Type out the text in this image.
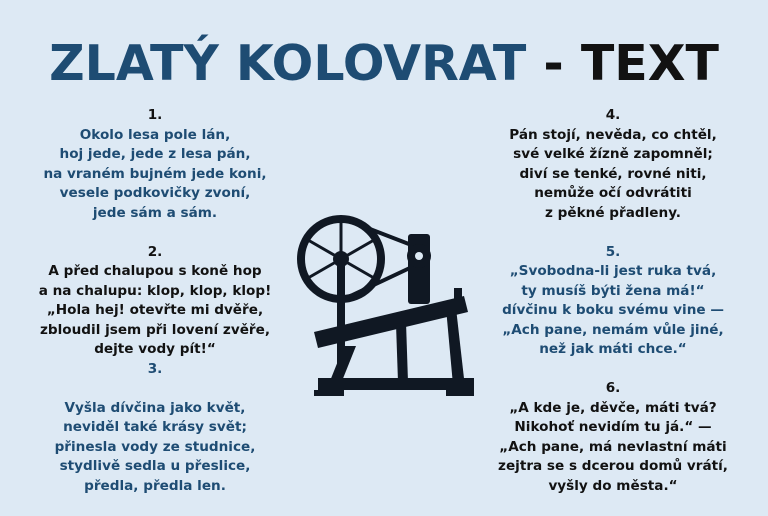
ZLATÝ KOLOVRAT - TEXT
1.
Okolo lesa pole lán,
hoj jede, jede z lesa pán,
na vraném bujném jede koni,
vesele podkovičky zvoní,
jede sám a sám.
2.
A před chalupou s koně hop
a na chalupu: klop, klop, klop!
„Hola hej! otevřte mi dvěře,
zbloudil jsem při lovení zvěře,
dejte vody pít!“
3.
Vyšla dívčina jako květ,
neviděl také krásy svět;
přinesla vody ze studnice,
stydlivě sedla u přeslice,
předla, předla len.
4.
Pán stojí, nevěda, co chtěl,
své velké žízně zapomněl;
diví se tenké, rovné niti,
nemůže očí odvrátiti
z pěkné přadleny.
5.
„Svobodna-li jest ruka tvá,
ty musíš býti žena má!“
dívčinu k boku svému vine —
„Ach pane, nemám vůle jiné,
než jak máti chce.“
6.
„A kde je, děvče, máti tvá?
Nikohoť nevidím tu já.“ —
„Ach pane, má nevlastní máti
zejtra se s dcerou domů vrátí,
vyšly do města.“
